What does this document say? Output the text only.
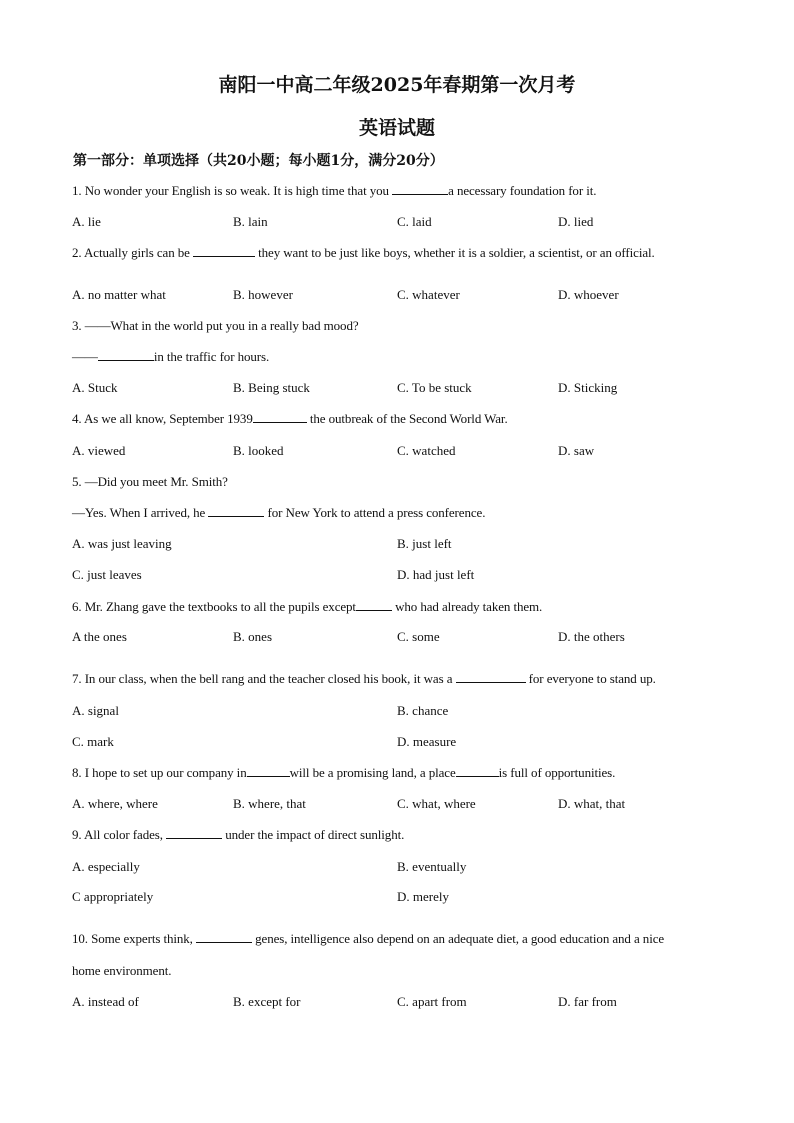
南阳一中高二年级2025年春期第一次月考
英语试题
第一部分：单项选择（共20小题；每小题1分，满分20分）
1. No wonder your English is so weak. It is high time that you	a necessary foundation for it.
A. lie	B. lain	C. laid	D. lied
2. Actually girls can be	they want to be just like boys, whether it is a soldier, a scientist, or an official.
A. no matter what	B. however	C. whatever	D. whoever
3. ——What in the world put you in a really bad mood?
——	in the traffic for hours.
A. Stuck	B. Being stuck	C. To be stuck	D. Sticking
4. As we all know, September 1939	the outbreak of the Second World War.
A. viewed	B. looked	C. watched	D. saw
5. —Did you meet Mr. Smith?
—Yes. When I arrived, he	for New York to attend a press conference.
A. was just leaving	B. just left
C. just leaves	D. had just left
6. Mr. Zhang gave the textbooks to all the pupils except	who had already taken them.
A the ones	B. ones	C. some	D. the others
7. In our class, when the bell rang and the teacher closed his book, it was a	for everyone to stand up.
A. signal	B. chance
C. mark	D. measure
8. I hope to set up our company in	will be a promising land, a place	is full of opportunities.
A. where, where	B. where, that	C. what, where	D. what, that
9. All color fades,	under the impact of direct sunlight.
A. especially	B. eventually
C appropriately	D. merely
10. Some experts think,	genes, intelligence also depend on an adequate diet, a good education and a nice
home environment.
A. instead of	B. except for	C. apart from	D. far from
